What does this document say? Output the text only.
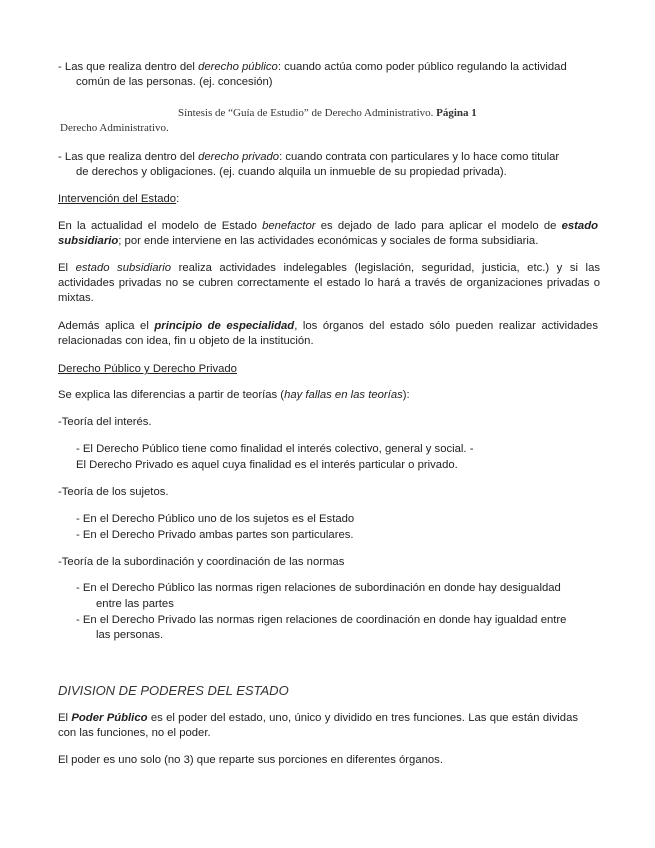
- Las que realiza dentro del derecho público: cuando actúa como poder público regulando la actividad
común de las personas. (ej. concesión)
Síntesis de “Guía de Estudio” de Derecho Administrativo. Página 1
Derecho Administrativo.
- Las que realiza dentro del derecho privado: cuando contrata con particulares y lo hace como titular
de derechos y obligaciones. (ej. cuando alquila un inmueble de su propiedad privada).
Intervención del Estado:
En la actualidad el modelo de Estado benefactor es dejado de lado para aplicar el modelo de estado subsidiario; por ende interviene en las actividades económicas y sociales de forma subsidiaria.
El estado subsidiario realiza actividades indelegables (legislación, seguridad, justicia, etc.) y si las actividades privadas no se cubren correctamente el estado lo hará a través de organizaciones privadas o mixtas.
Además aplica el principio de especialidad, los órganos del estado sólo pueden realizar actividades relacionadas con idea, fin u objeto de la institución.
Derecho Público y Derecho Privado
Se explica las diferencias a partir de teorías (hay fallas en las teorías):
-Teoría del interés.
- El Derecho Público tiene como finalidad el interés colectivo, general y social. -
El Derecho Privado es aquel cuya finalidad es el interés particular o privado.
-Teoría de los sujetos.
- En el Derecho Público uno de los sujetos es el Estado
- En el Derecho Privado ambas partes son particulares.
-Teoría de la subordinación y coordinación de las normas
- En el Derecho Público las normas rigen relaciones de subordinación en donde hay desigualdad
entre las partes
- En el Derecho Privado las normas rigen relaciones de coordinación en donde hay igualdad entre
las personas.
DIVISION DE PODERES DEL ESTADO
El Poder Público es el poder del estado, uno, único y dividido en tres funciones. Las que están dividas con las funciones, no el poder.
El poder es uno solo (no 3) que reparte sus porciones en diferentes órganos.
